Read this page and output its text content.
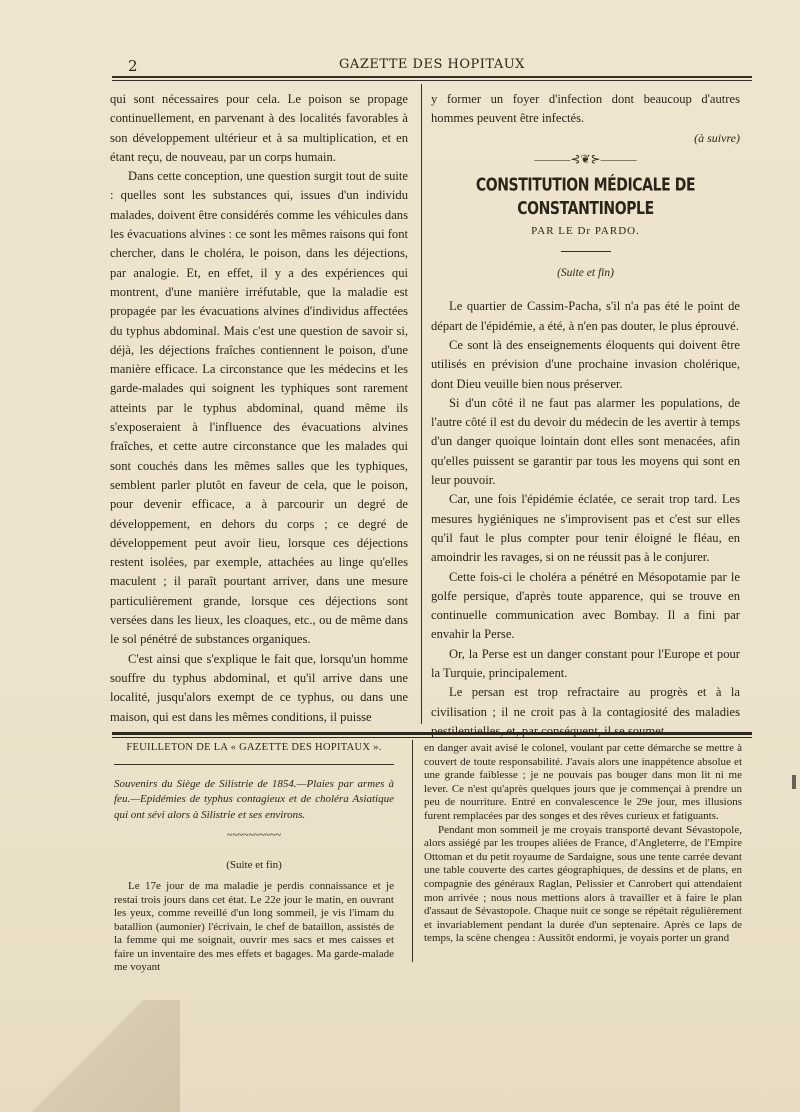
2	GAZETTE DES HOPITAUX

qui sont nécessaires pour cela. Le poison se propage continuellement, en parvenant à des localités favorables à son développement ultérieur et à sa multiplication, et en étant reçu, de nouveau, par un corps humain.

Dans cette conception, une question surgit tout de suite : quelles sont les substances qui, issues d'un individu malades, doivent être considérés comme les véhicules dans les évacuations alvines : ce sont les mêmes raisons qui font chercher, dans le choléra, le poison, dans les déjections, par analogie. Et, en effet, il y a des expériences qui montrent, d'une manière irréfutable, que la maladie est propagée par les évacuations alvines d'individus affectées du typhus abdominal. Mais c'est une question de savoir si, déjà, les déjections fraîches contiennent le poison, d'une manière efficace. La circonstance que les médecins et les garde-malades qui soignent les typhiques sont rarement atteints par le typhus abdominal, quand même ils s'exposeraient à l'influence des évacuations alvines fraîches, et cette autre circonstance que les malades qui sont couchés dans les mêmes salles que les typhiques, semblent parler plutôt en faveur de cela, que le poison, pour devenir efficace, a à parcourir un degré de développement, en dehors du corps ; ce degré de développement peut avoir lieu, lorsque ces déjections restent isolées, par exemple, attachées au linge qu'elles maculent ; il paraît pourtant arriver, dans une mesure particulièrement grande, lorsque ces déjections sont versées dans les lieux, les cloaques, etc., ou de même dans le sol pénétré de substances organiques.

C'est ainsi que s'explique le fait que, lorsqu'un homme souffre du typhus abdominal, et qu'il arrive dans une localité, jusqu'alors exempt de ce typhus, ou dans une maison, qui est dans les mêmes conditions, il puisse

y former un foyer d'infection dont beaucoup d'autres hommes peuvent être infectés.

(à suivre)

———⊰❦⊱———
CONSTITUTION MÉDICALE DE CONSTANTINOPLE
PAR LE Dr PARDO.
(Suite et fin)

Le quartier de Cassim-Pacha, s'il n'a pas été le point de départ de l'épidémie, a été, à n'en pas douter, le plus éprouvé.

Ce sont là des enseignements éloquents qui doivent être utilisés en prévision d'une prochaine invasion cholérique, dont Dieu veuille bien nous préserver.

Si d'un côté il ne faut pas alarmer les populations, de l'autre côté il est du devoir du médecin de les avertir à temps d'un danger quoique lointain dont elles sont menacées, afin qu'elles puissent se garantir par tous les moyens qui sont en leur pouvoir.

Car, une fois l'épidémie éclatée, ce serait trop tard. Les mesures hygiéniques ne s'improvisent pas et c'est sur elles qu'il faut le plus compter pour tenir éloigné le fléau, en amoindrir les ravages, si on ne réussit pas à le conjurer.

Cette fois-ci le choléra a pénétré en Mésopotamie par le golfe persique, d'après toute apparence, qui se trouve en continuelle communication avec Bombay. Il a fini par envahir la Perse.

Or, la Perse est un danger constant pour l'Europe et pour la Turquie, principalement.

Le persan est trop refractaire au progrès et à la civilisation ; il ne croit pas à la contagiosité des maladies pestilentielles, et, par conséquent, il se soumet

FEUILLETON DE LA « GAZETTE DES HOPITAUX ».
Souvenirs du Siège de Silistrie de 1854.—Plaies par armes à feu.—Epidémies de typhus contagieux et de choléra Asiatique qui ont sévi alors à Silistrie et ses environs.
~~~~~~~~~~
(Suite et fin)
Le 17e jour de ma maladie je perdis connaissance et je restai trois jours dans cet état. Le 22e jour le matin, en ouvrant les yeux, comme reveillé d'un long sommeil, je vis l'imam du batallion (aumonier) l'écrivain, le chef de bataillon, assistés de la femme qui me soignait, ouvrir mes sacs et mes caisses et faire un inventaire des mes effets et bagages. Ma garde-malade me voyant

en danger avait avisé le colonel, voulant par cette démarche se mettre à couvert de toute responsabilité. J'avais alors une inappétence absolue et une grande faiblesse ; je ne pouvais pas bouger dans mon lit ni me lever. Ce n'est qu'après quelques jours que je commençai à prendre un peu de nourriture. Entré en convalescence le 29e jour, mes illusions furent remplacées par des songes et des rêves curieux et fatiguants.

Pendant mon sommeil je me croyais transporté devant Sévastopole, alors assiégé par les troupes aliées de France, d'Angleterre, de l'Empire Ottoman et du petit royaume de Sardaigne, sous une tente carrée devant une table couverte des cartes géographiques, de dessins et de plans, en compagnie des généraux Raglan, Pelissier et Canrobert qui attendaient mon arrivée ; nous nous mettions alors à travailler et à faire le plan d'assaut de Sévastopole. Chaque nuit ce songe se répétait régulièrement et invariablement pendant la durée d'un septenaire. Après ce laps de temps, la scène chengea : Aussitôt endormi, je voyais porter un grand
